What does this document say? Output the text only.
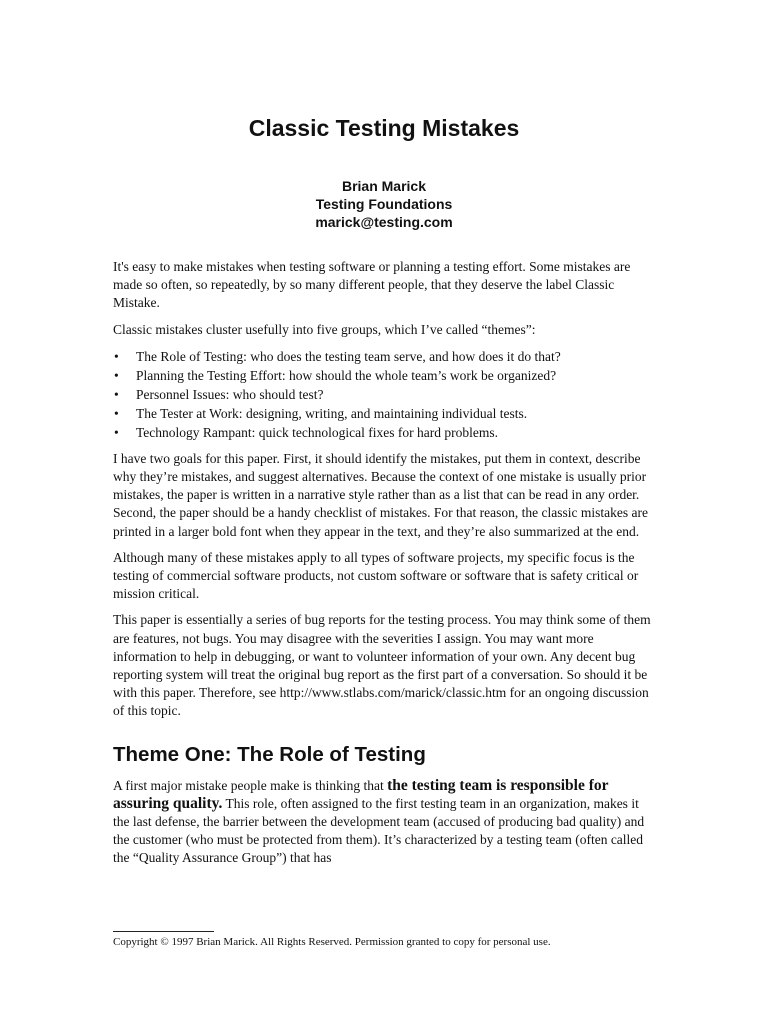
Classic Testing Mistakes
Brian Marick
Testing Foundations
marick@testing.com

It's easy to make mistakes when testing software or planning a testing effort. Some mistakes are made so often, so repeatedly, by so many different people, that they deserve the label Classic Mistake.

Classic mistakes cluster usefully into five groups, which I’ve called “themes”:

• The Role of Testing: who does the testing team serve, and how does it do that?
• Planning the Testing Effort: how should the whole team’s work be organized?
• Personnel Issues: who should test?
• The Tester at Work: designing, writing, and maintaining individual tests.
• Technology Rampant: quick technological fixes for hard problems.

I have two goals for this paper. First, it should identify the mistakes, put them in context, describe why they’re mistakes, and suggest alternatives. Because the context of one mistake is usually prior mistakes, the paper is written in a narrative style rather than as a list that can be read in any order. Second, the paper should be a handy checklist of mistakes. For that reason, the classic mistakes are printed in a larger bold font when they appear in the text, and they’re also summarized at the end.

Although many of these mistakes apply to all types of software projects, my specific focus is the testing of commercial software products, not custom software or software that is safety critical or mission critical.

This paper is essentially a series of bug reports for the testing process. You may think some of them are features, not bugs. You may disagree with the severities I assign. You may want more information to help in debugging, or want to volunteer information of your own. Any decent bug reporting system will treat the original bug report as the first part of a conversation. So should it be with this paper. Therefore, see http://www.stlabs.com/marick/classic.htm for an ongoing discussion of this topic.

Theme One: The Role of Testing

A first major mistake people make is thinking that the testing team is responsible for assuring quality. This role, often assigned to the first testing team in an organization, makes it the last defense, the barrier between the development team (accused of producing bad quality) and the customer (who must be protected from them). It’s characterized by a testing team (often called the “Quality Assurance Group”) that has

Copyright © 1997 Brian Marick. All Rights Reserved. Permission granted to copy for personal use.
